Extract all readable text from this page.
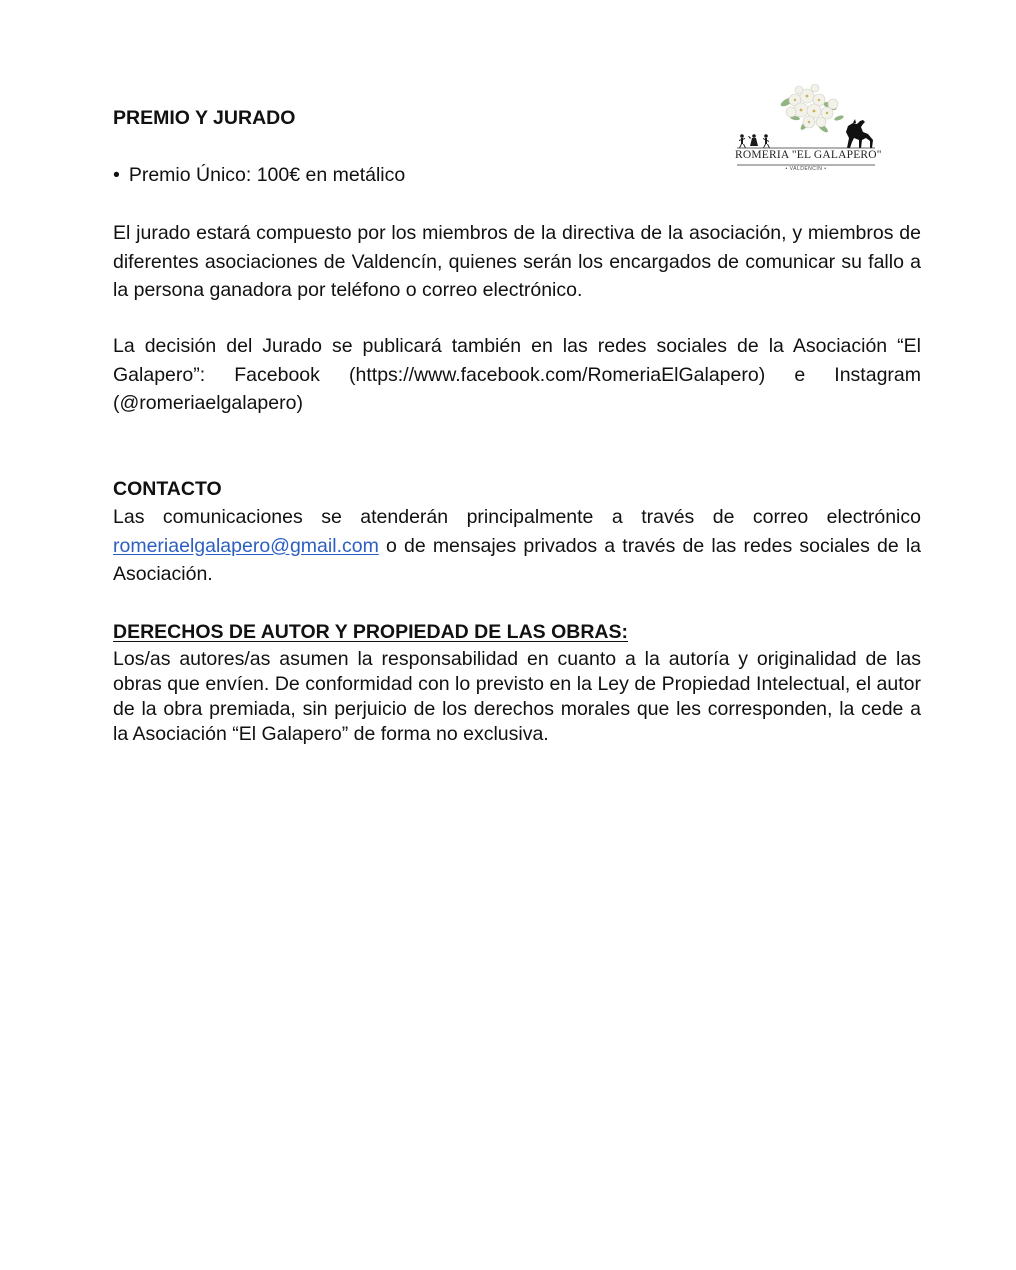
ROMERIA "EL GALAPERO"
• VALDENCÍN •
PREMIO Y JURADO
• Premio Único: 100€ en metálico

El jurado estará compuesto por los miembros de la directiva de la asociación, y miembros de diferentes asociaciones de Valdencín, quienes serán los encargados de comunicar su fallo a la persona ganadora por teléfono o correo electrónico.

La decisión del Jurado se publicará también en las redes sociales de la Asociación “El Galapero”: Facebook (https://www.facebook.com/RomeriaElGalapero) e Instagram (@romeriaelgalapero)

CONTACTO

Las comunicaciones se atenderán principalmente a través de correo electrónico romeriaelgalapero@gmail.com o de mensajes privados a través de las redes sociales de la Asociación.

DERECHOS DE AUTOR Y PROPIEDAD DE LAS OBRAS:

Los/as autores/as asumen la responsabilidad en cuanto a la autoría y originalidad de las obras que envíen. De conformidad con lo previsto en la Ley de Propiedad Intelectual, el autor de la obra premiada, sin perjuicio de los derechos morales que les corresponden, la cede a la Asociación “El Galapero” de forma no exclusiva.
